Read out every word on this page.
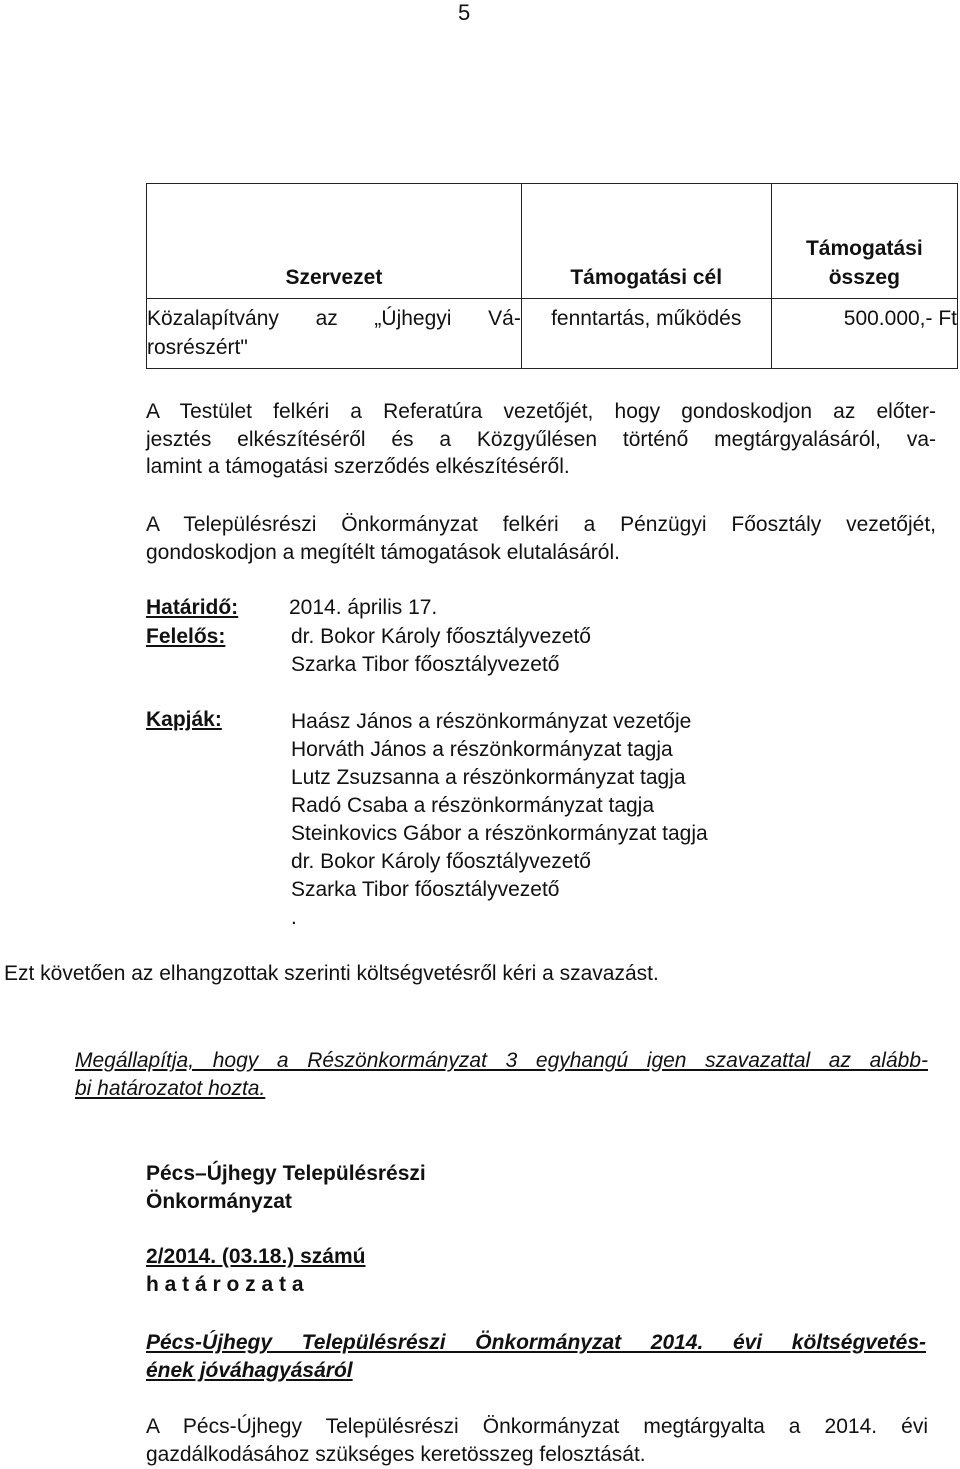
5
Szervezet	Támogatási cél	Támogatási
összeg

Közalapítvány az „Újhegyi Vá-
rosrészért"	fenntartás, működés	500.000,- Ft
A Testület felkéri a Referatúra vezetőjét, hogy gondoskodjon az előter-
jesztés elkészítéséről és a Közgyűlésen történő megtárgyalásáról, va-
lamint a támogatási szerződés elkészítéséről.
A Településrészi Önkormányzat felkéri a Pénzügyi Főosztály vezetőjét,
gondoskodjon a megítélt támogatások elutalásáról.
Határidő: 2014. április 17.
Felelős:	dr. Bokor Károly főosztályvezető
Szarka Tibor főosztályvezető
Kapják:	Haász János a részönkormányzat vezetője
Horváth János a részönkormányzat tagja
Lutz Zsuzsanna a részönkormányzat tagja
Radó Csaba a részönkormányzat tagja
Steinkovics Gábor a részönkormányzat tagja
dr. Bokor Károly főosztályvezető
Szarka Tibor főosztályvezető
.
Ezt követően az elhangzottak szerinti költségvetésről kéri a szavazást.
Megállapítja, hogy a Részönkormányzat 3 egyhangú igen szavazattal az alább-
bi határozatot hozta.
Pécs–Újhegy Településrészi
Önkormányzat
2/2014. (03.18.) számú
h a t á r o z a t a
Pécs-Újhegy Településrészi Önkormányzat 2014. évi költségvetés-
ének jóváhagyásáról
A Pécs-Újhegy Településrészi Önkormányzat megtárgyalta a 2014. évi
gazdálkodásához szükséges keretösszeg felosztását.
